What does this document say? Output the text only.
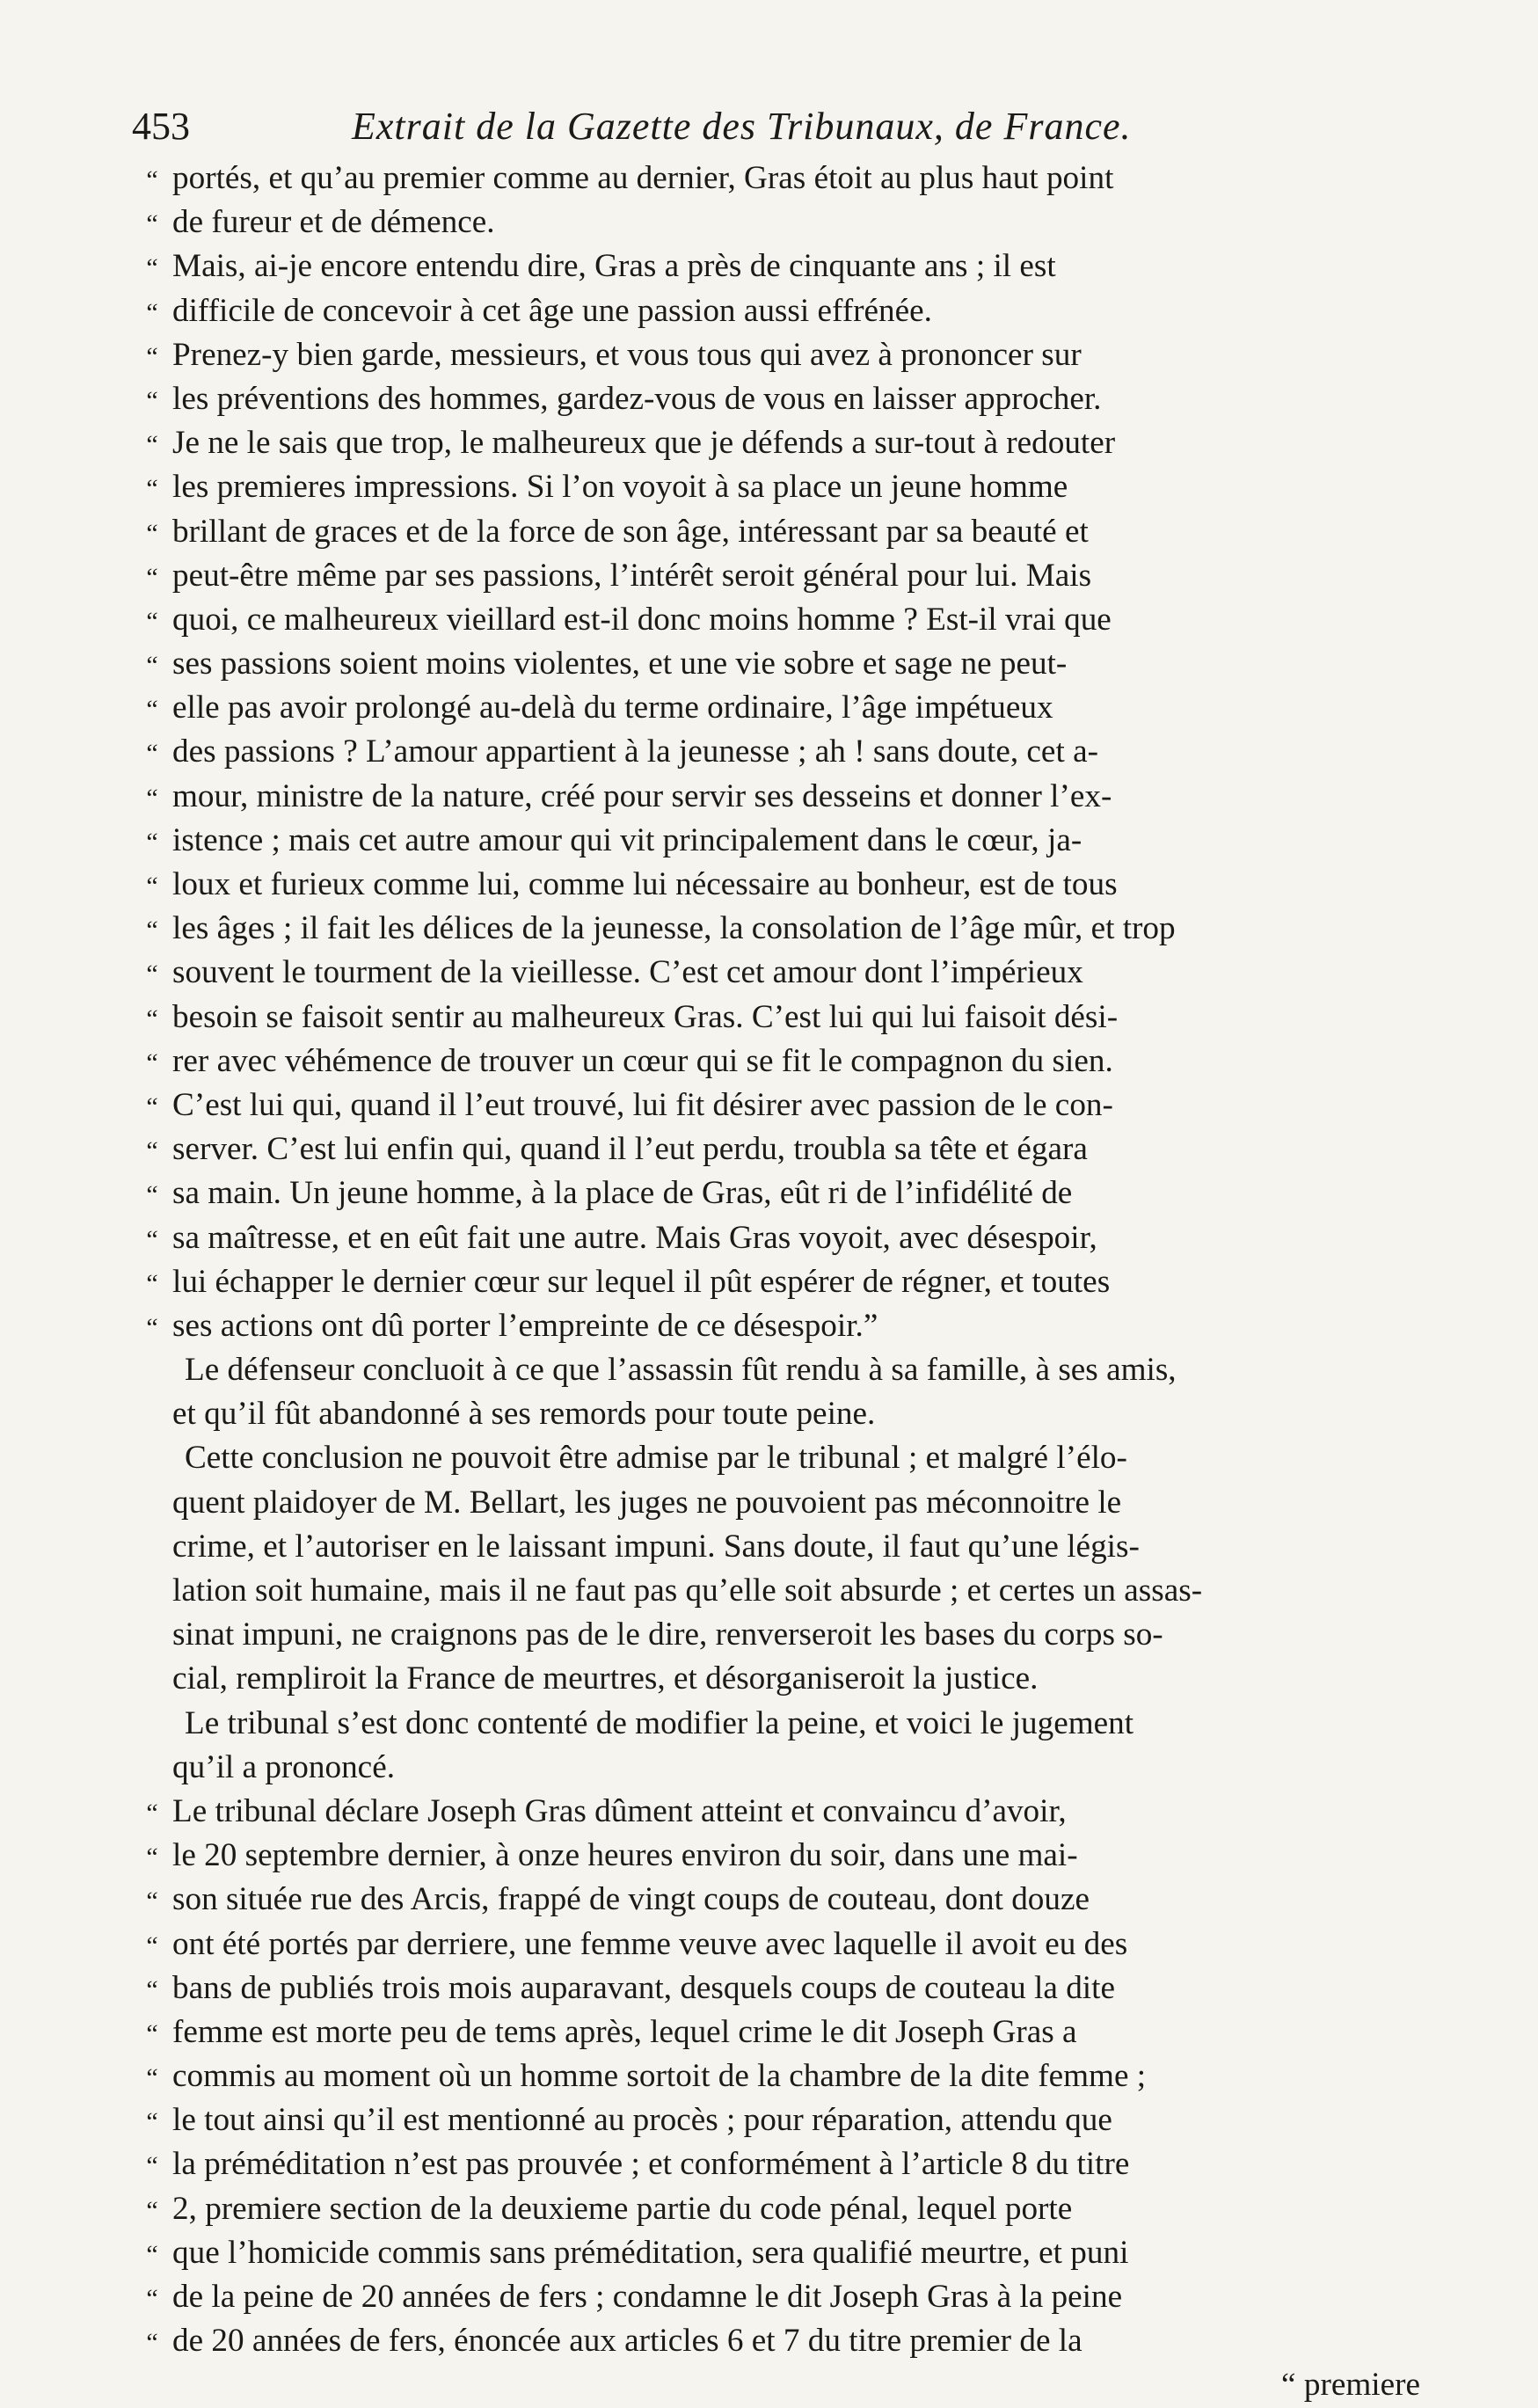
453	Extrait de la Gazette des Tribunaux, de France.
“ portés, et qu’au premier comme au dernier, Gras étoit au plus haut point
“ de fureur et de démence.
“ Mais, ai-je encore entendu dire, Gras a près de cinquante ans ; il est
“ difficile de concevoir à cet âge une passion aussi effrénée.
“ Prenez-y bien garde, messieurs, et vous tous qui avez à prononcer sur
“ les préventions des hommes, gardez-vous de vous en laisser approcher.
“ Je ne le sais que trop, le malheureux que je défends a sur-tout à redouter
“ les premieres impressions. Si l’on voyoit à sa place un jeune homme
“ brillant de graces et de la force de son âge, intéressant par sa beauté et
“ peut-être même par ses passions, l’intérêt seroit général pour lui. Mais
“ quoi, ce malheureux vieillard est-il donc moins homme ? Est-il vrai que
“ ses passions soient moins violentes, et une vie sobre et sage ne peut-
“ elle pas avoir prolongé au-delà du terme ordinaire, l’âge impétueux
“ des passions ? L’amour appartient à la jeunesse ; ah ! sans doute, cet a-
“ mour, ministre de la nature, créé pour servir ses desseins et donner l’ex-
“ istence ; mais cet autre amour qui vit principalement dans le cœur, ja-
“ loux et furieux comme lui, comme lui nécessaire au bonheur, est de tous
“ les âges ; il fait les délices de la jeunesse, la consolation de l’âge mûr, et trop
“ souvent le tourment de la vieillesse. C’est cet amour dont l’impérieux
“ besoin se faisoit sentir au malheureux Gras. C’est lui qui lui faisoit dési-
“ rer avec véhémence de trouver un cœur qui se fit le compagnon du sien.
“ C’est lui qui, quand il l’eut trouvé, lui fit désirer avec passion de le con-
“ server. C’est lui enfin qui, quand il l’eut perdu, troubla sa tête et égara
“ sa main. Un jeune homme, à la place de Gras, eût ri de l’infidélité de
“ sa maîtresse, et en eût fait une autre. Mais Gras voyoit, avec désespoir,
“ lui échapper le dernier cœur sur lequel il pût espérer de régner, et toutes
“ ses actions ont dû porter l’empreinte de ce désespoir.”
Le défenseur concluoit à ce que l’assassin fût rendu à sa famille, à ses amis,
et qu’il fût abandonné à ses remords pour toute peine.
Cette conclusion ne pouvoit être admise par le tribunal ; et malgré l’élo-
quent plaidoyer de M. Bellart, les juges ne pouvoient pas méconnoitre le
crime, et l’autoriser en le laissant impuni. Sans doute, il faut qu’une légis-
lation soit humaine, mais il ne faut pas qu’elle soit absurde ; et certes un assas-
sinat impuni, ne craignons pas de le dire, renverseroit les bases du corps so-
cial, rempliroit la France de meurtres, et désorganiseroit la justice.
Le tribunal s’est donc contenté de modifier la peine, et voici le jugement
qu’il a prononcé.
“ Le tribunal déclare Joseph Gras dûment atteint et convaincu d’avoir,
“ le 20 septembre dernier, à onze heures environ du soir, dans une mai-
“ son située rue des Arcis, frappé de vingt coups de couteau, dont douze
“ ont été portés par derriere, une femme veuve avec laquelle il avoit eu des
“ bans de publiés trois mois auparavant, desquels coups de couteau la dite
“ femme est morte peu de tems après, lequel crime le dit Joseph Gras a
“ commis au moment où un homme sortoit de la chambre de la dite femme ;
“ le tout ainsi qu’il est mentionné au procès ; pour réparation, attendu que
“ la préméditation n’est pas prouvée ; et conformément à l’article 8 du titre
“ 2, premiere section de la deuxieme partie du code pénal, lequel porte
“ que l’homicide commis sans préméditation, sera qualifié meurtre, et puni
“ de la peine de 20 années de fers ; condamne le dit Joseph Gras à la peine
“ de 20 années de fers, énoncée aux articles 6 et 7 du titre premier de la
“ premiere
